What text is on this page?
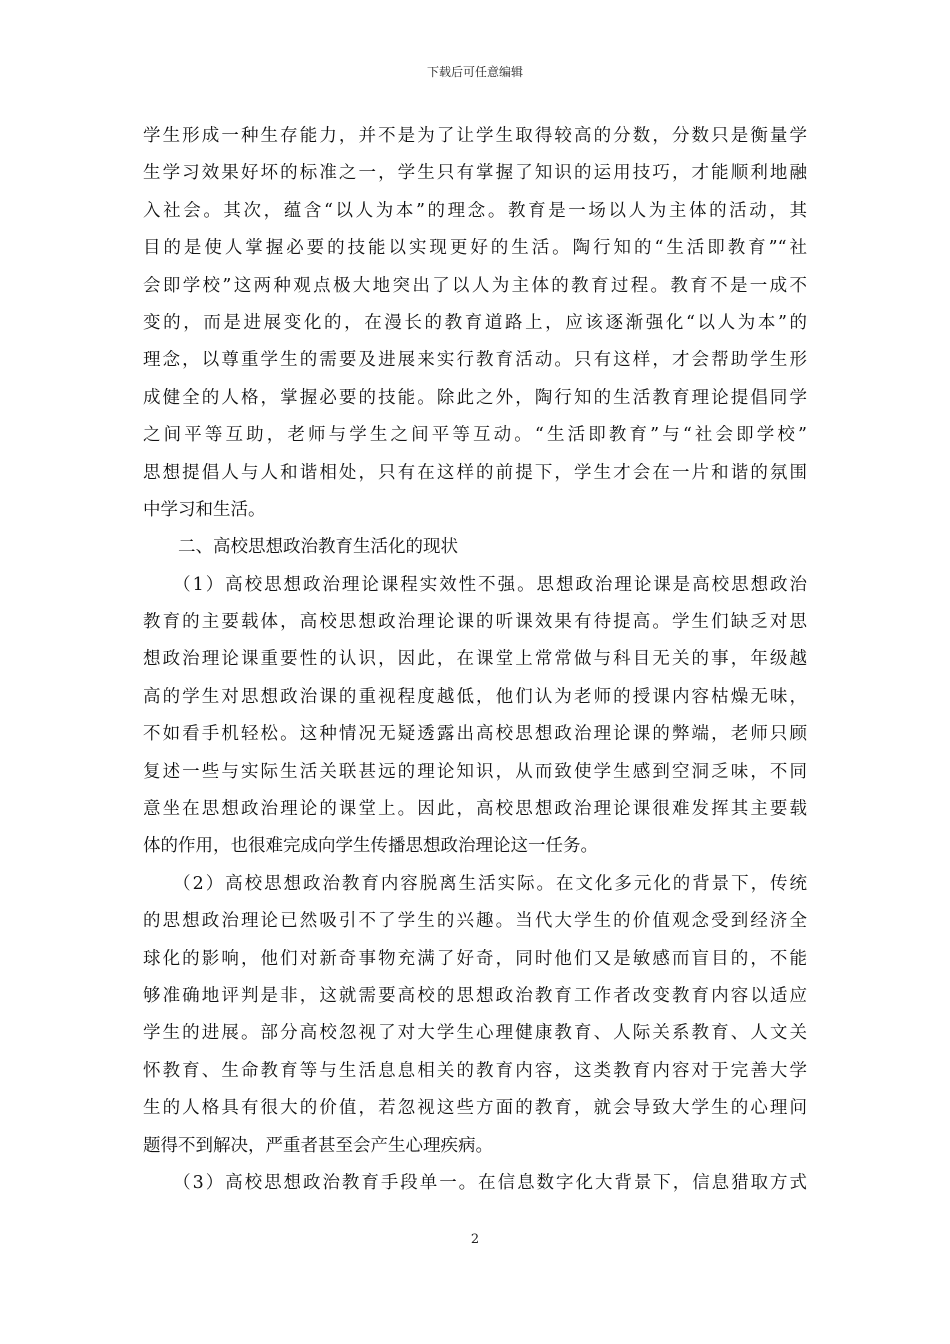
下载后可任意编辑
学生形成一种生存能力，并不是为了让学生取得较高的分数，分数只是衡量学
生学习效果好坏的标准之一，学生只有掌握了知识的运用技巧，才能顺利地融
入社会。其次，蕴含“以人为本”的理念。教育是一场以人为主体的活动，其
目的是使人掌握必要的技能以实现更好的生活。陶行知的“生活即教育”“社
会即学校”这两种观点极大地突出了以人为主体的教育过程。教育不是一成不
变的，而是进展变化的，在漫长的教育道路上，应该逐渐强化“以人为本”的
理念，以尊重学生的需要及进展来实行教育活动。只有这样，才会帮助学生形
成健全的人格，掌握必要的技能。除此之外，陶行知的生活教育理论提倡同学
之间平等互助，老师与学生之间平等互动。“生活即教育”与“社会即学校”
思想提倡人与人和谐相处，只有在这样的前提下，学生才会在一片和谐的氛围
中学习和生活。
　　二、高校思想政治教育生活化的现状
　　（1）高校思想政治理论课程实效性不强。思想政治理论课是高校思想政治
教育的主要载体，高校思想政治理论课的听课效果有待提高。学生们缺乏对思
想政治理论课重要性的认识，因此，在课堂上常常做与科目无关的事，年级越
高的学生对思想政治课的重视程度越低，他们认为老师的授课内容枯燥无味，
不如看手机轻松。这种情况无疑透露出高校思想政治理论课的弊端，老师只顾
复述一些与实际生活关联甚远的理论知识，从而致使学生感到空洞乏味，不同
意坐在思想政治理论的课堂上。因此，高校思想政治理论课很难发挥其主要载
体的作用，也很难完成向学生传播思想政治理论这一任务。
　　（2）高校思想政治教育内容脱离生活实际。在文化多元化的背景下，传统
的思想政治理论已然吸引不了学生的兴趣。当代大学生的价值观念受到经济全
球化的影响，他们对新奇事物充满了好奇，同时他们又是敏感而盲目的，不能
够准确地评判是非，这就需要高校的思想政治教育工作者改变教育内容以适应
学生的进展。部分高校忽视了对大学生心理健康教育、人际关系教育、人文关
怀教育、生命教育等与生活息息相关的教育内容，这类教育内容对于完善大学
生的人格具有很大的价值，若忽视这些方面的教育，就会导致大学生的心理问
题得不到解决，严重者甚至会产生心理疾病。
　　（3）高校思想政治教育手段单一。在信息数字化大背景下，信息猎取方式
2
